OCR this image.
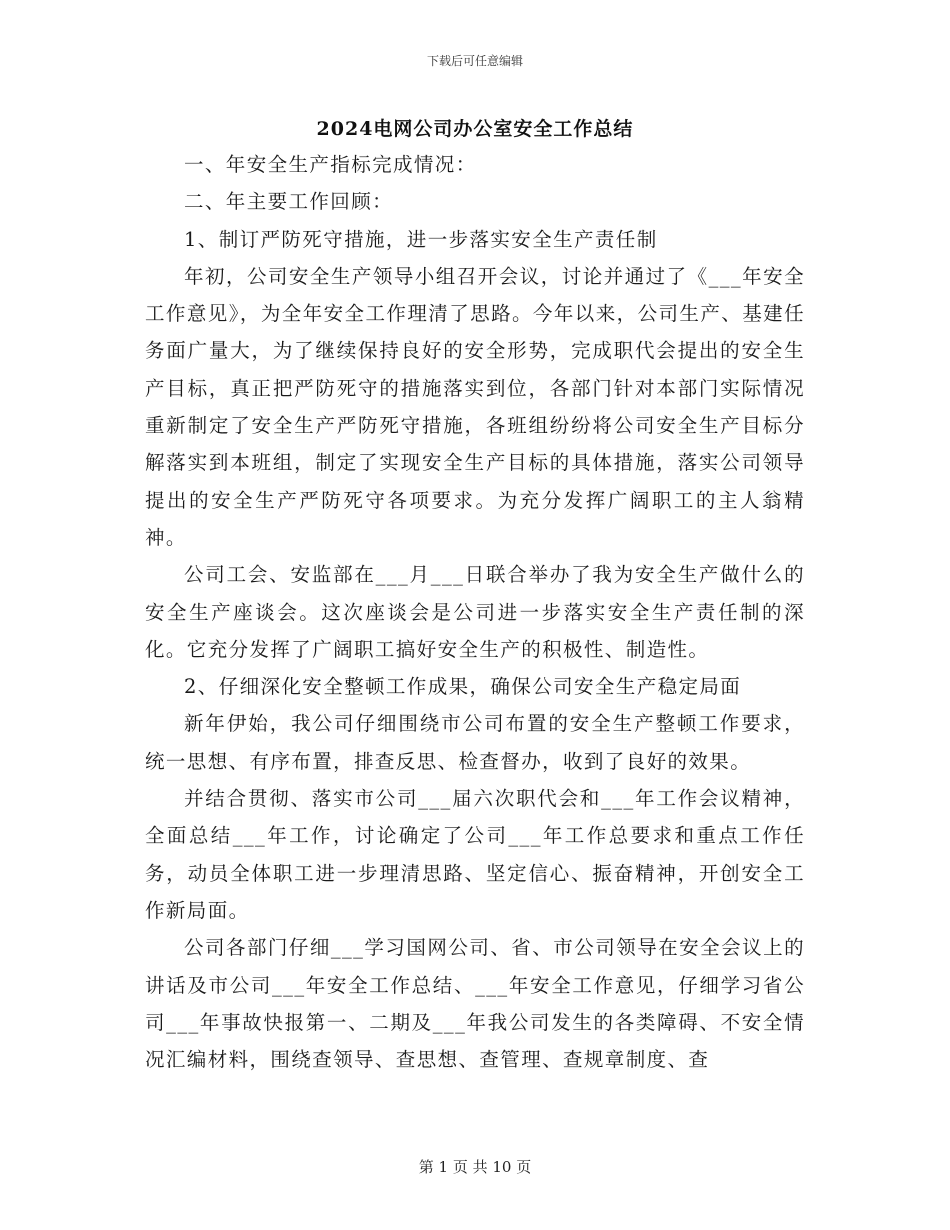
下载后可任意编辑
2024电网公司办公室安全工作总结

一、年安全生产指标完成情况：

二、年主要工作回顾：

1、制订严防死守措施，进一步落实安全生产责任制

年初，公司安全生产领导小组召开会议，讨论并通过了《___年安全工作意见》，为全年安全工作理清了思路。今年以来，公司生产、基建任务面广量大，为了继续保持良好的安全形势，完成职代会提出的安全生产目标，真正把严防死守的措施落实到位，各部门针对本部门实际情况重新制定了安全生产严防死守措施，各班组纷纷将公司安全生产目标分解落实到本班组，制定了实现安全生产目标的具体措施，落实公司领导提出的安全生产严防死守各项要求。为充分发挥广阔职工的主人翁精神。

公司工会、安监部在___月___日联合举办了我为安全生产做什么的安全生产座谈会。这次座谈会是公司进一步落实安全生产责任制的深化。它充分发挥了广阔职工搞好安全生产的积极性、制造性。

2、仔细深化安全整顿工作成果，确保公司安全生产稳定局面

新年伊始，我公司仔细围绕市公司布置的安全生产整顿工作要求，统一思想、有序布置，排查反思、检查督办，收到了良好的效果。

并结合贯彻、落实市公司___届六次职代会和___年工作会议精神，全面总结___年工作，讨论确定了公司___年工作总要求和重点工作任务，动员全体职工进一步理清思路、坚定信心、振奋精神，开创安全工作新局面。

公司各部门仔细___学习国网公司、省、市公司领导在安全会议上的讲话及市公司___年安全工作总结、___年安全工作意见，仔细学习省公司___年事故快报第一、二期及___年我公司发生的各类障碍、不安全情况汇编材料，围绕查领导、查思想、查管理、查规章制度、查

第 1 页 共 10 页
